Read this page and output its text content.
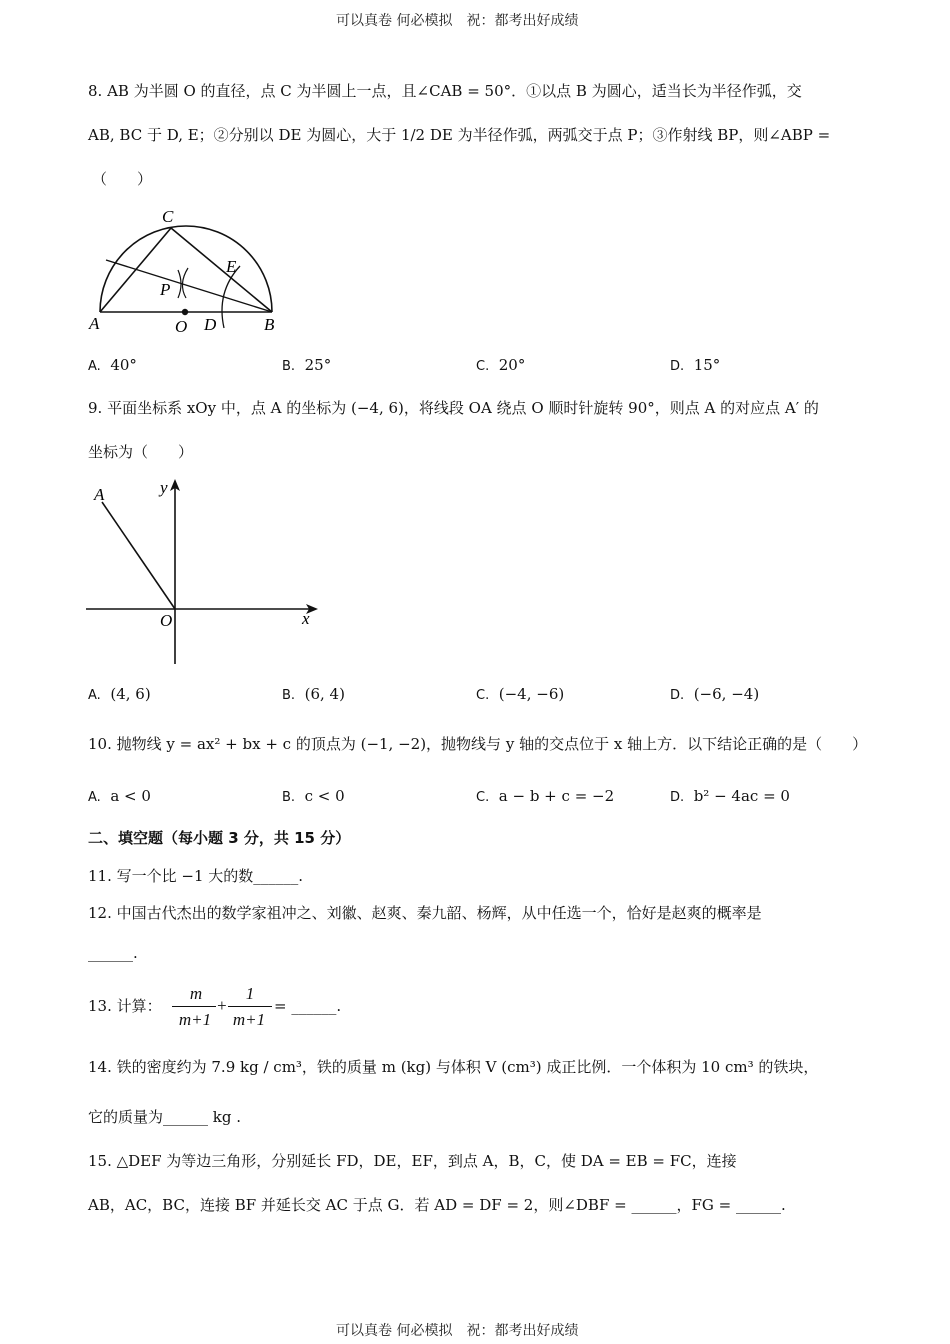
可以真卷 何必模拟　祝：都考出好成绩
可以真卷 何必模拟　祝：都考出好成绩
8. AB 为半圆 O 的直径，点 C 为半圆上一点，且∠CAB = 50°．①以点 B 为圆心，适当长为半径作弧，交
AB, BC 于 D, E；②分别以 DE 为圆心，大于 1/2 DE 为半径作弧，两弧交于点 P；③作射线 BP，则∠ABP =
（　　）
C
E
P
A	O D	B
A. 40°	B. 25°	C. 20°	D. 15°
9. 平面坐标系 xOy 中，点 A 的坐标为 (−4, 6)，将线段 OA 绕点 O 顺时针旋转 90°，则点 A 的对应点 A′ 的
坐标为（　　）
A	y
O	x
A. (4, 6)	B. (6, 4)	C. (−4, −6)	D. (−6, −4)
10. 抛物线 y = ax² + bx + c 的顶点为 (−1, −2)，抛物线与 y 轴的交点位于 x 轴上方．以下结论正确的是（　　）
A. a < 0	B. c < 0	C. a − b + c = −2	D. b² − 4ac = 0
二、填空题（每小题 3 分，共 15 分）
11. 写一个比 −1 大的数______.
12. 中国古代杰出的数学家祖冲之、刘徽、赵爽、秦九韶、杨辉，从中任选一个，恰好是赵爽的概率是
______.
13. 计算：
m
m+1
+
1
m+1
= ______.
14. 铁的密度约为 7.9 kg / cm³，铁的质量 m (kg) 与体积 V (cm³) 成正比例．一个体积为 10 cm³ 的铁块，
它的质量为______ kg .
15. △DEF 为等边三角形，分别延长 FD，DE，EF，到点 A，B，C，使 DA = EB = FC，连接
AB，AC，BC，连接 BF 并延长交 AC 于点 G．若 AD = DF = 2，则∠DBF = ______，FG = ______.
